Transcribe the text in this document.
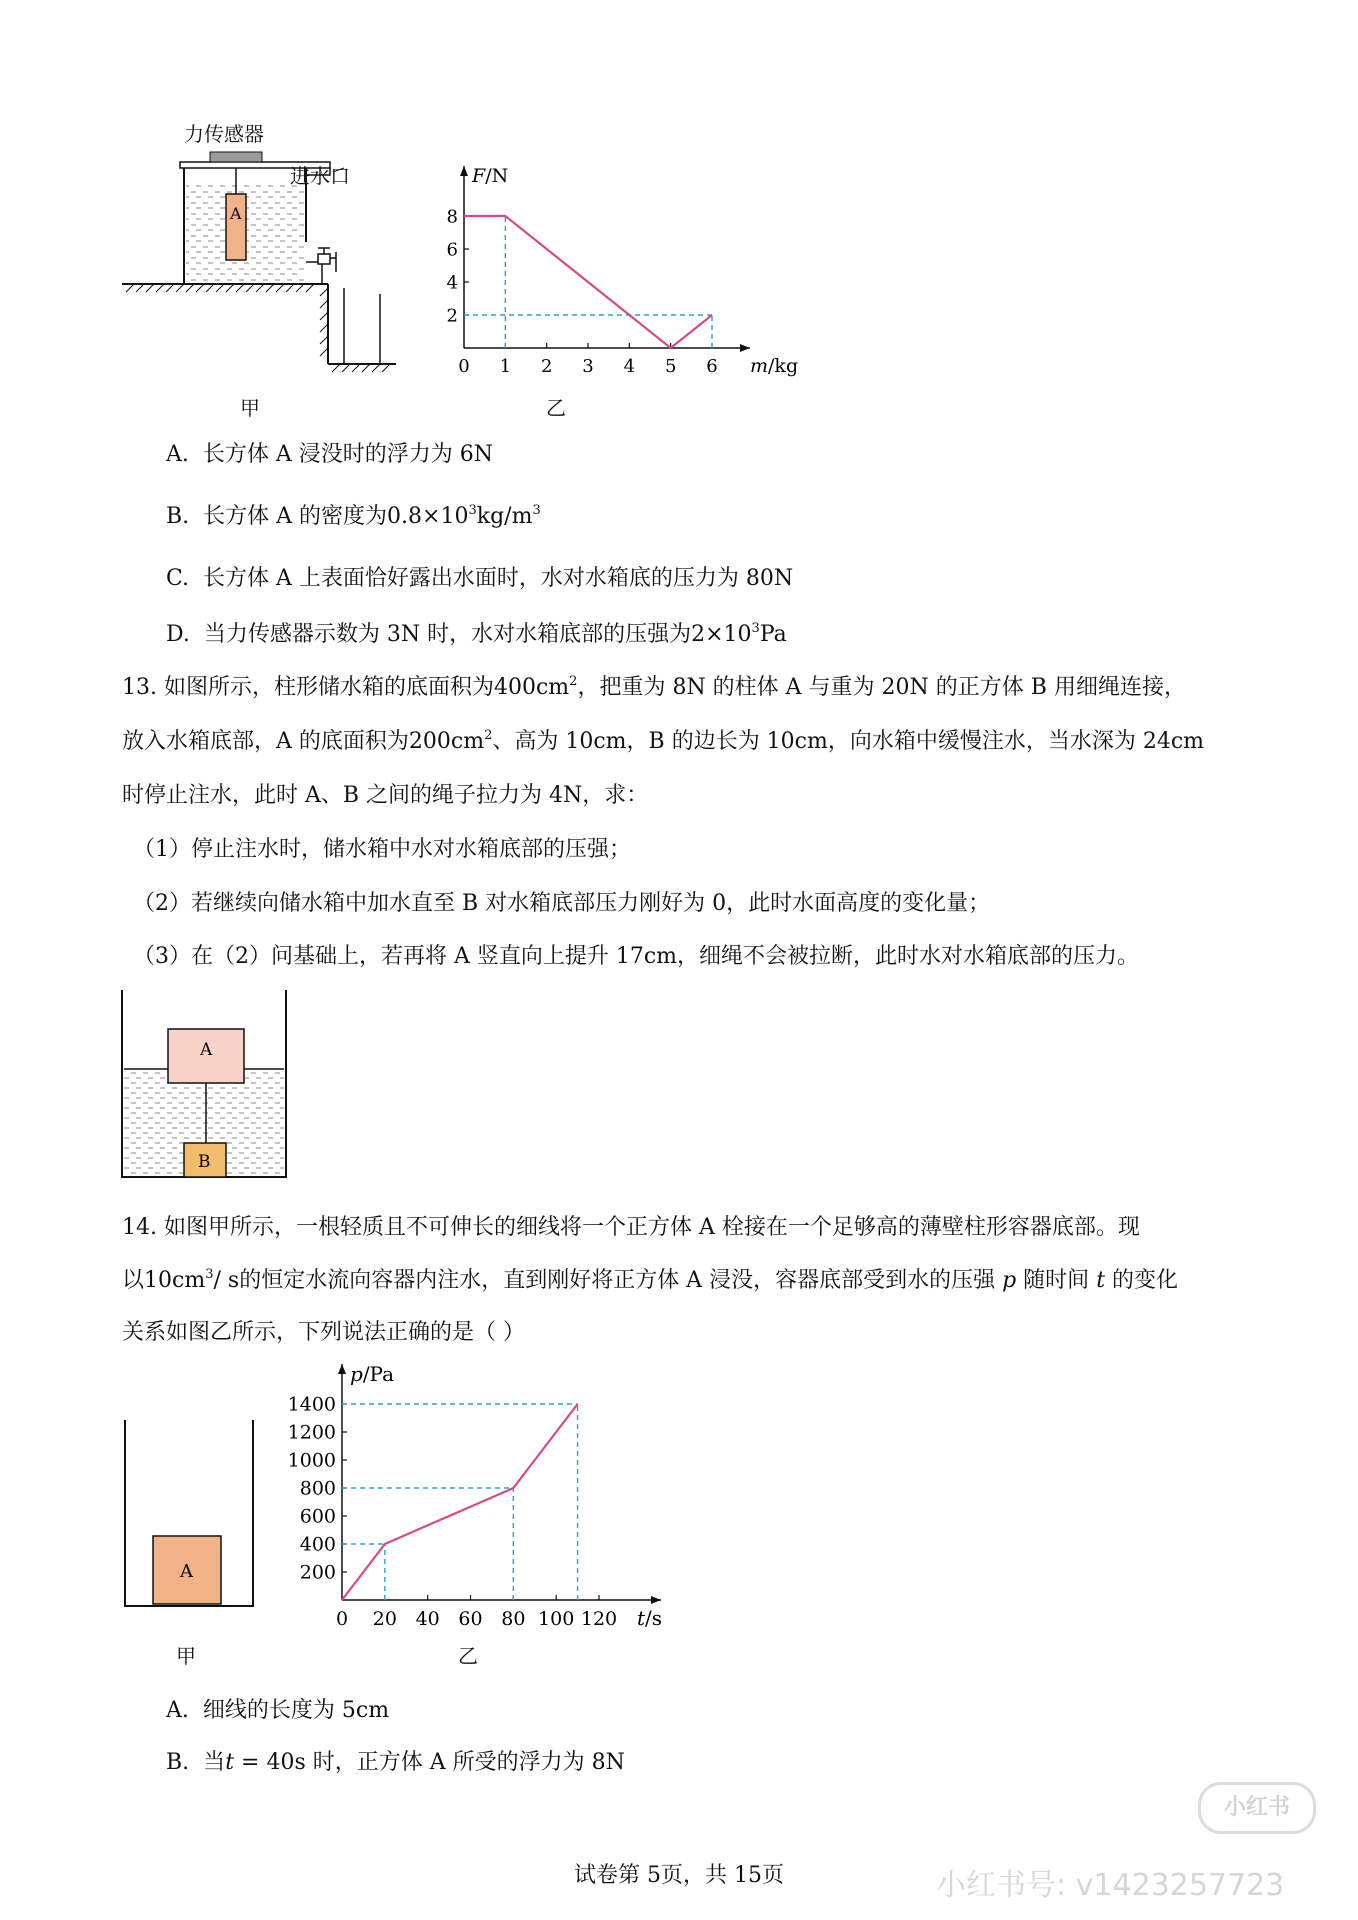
A
力传感器
进水口
甲	乙
0 1 2 3 4 5 6
2
4
6
8
F/N
m/kg
A. 长方体 A 浸没时的浮力为 6N
B. 长方体 A 的密度为$0.8\times 10^3kg/m^3$
C. 长方体 A 上表面恰好露出水面时，水对水箱底的压力为 80N
D. 当力传感器示数为 3N 时，水对水箱底部的压强为$2\times 10^3Pa$
13. 如图所示，柱形储水箱的底面积为$400cm^2$，把重为 8N 的柱体 A 与重为 20N 的正方体 B 用细绳连接，
放入水箱底部，A 的底面积为$200cm^2$、高为 10cm，B 的边长为 10cm，向水箱中缓慢注水，当水深为 24cm
时停止注水，此时 A、B 之间的绳子拉力为 4N，求：
（1）停止注水时，储水箱中水对水箱底部的压强；
（2）若继续向储水箱中加水直至 B 对水箱底部压力刚好为 0，此时水面高度的变化量；
（3）在（2）问基础上，若再将 A 竖直向上提升 17cm，细绳不会被拉断，此时水对水箱底部的压力。
A
B
14. 如图甲所示，一根轻质且不可伸长的细线将一个正方体 A 栓接在一个足够高的薄壁柱形容器底部。现
以$10cm^3/$ s的恒定水流向容器内注水，直到刚好将正方体 A 浸没，容器底部受到水的压强 p 随时间 t 的变化
关系如图乙所示，下列说法正确的是（ ）
A
甲	乙
0 20 40 60 80 100 120
200
400
600
800
1000
1200
1400
p/Pa
t/s
A. 细线的长度为 5cm
B. 当t = 40s 时，正方体 A 所受的浮力为 8N
试卷第 5页，共 15页
小红书
小红书号: v1423257723
